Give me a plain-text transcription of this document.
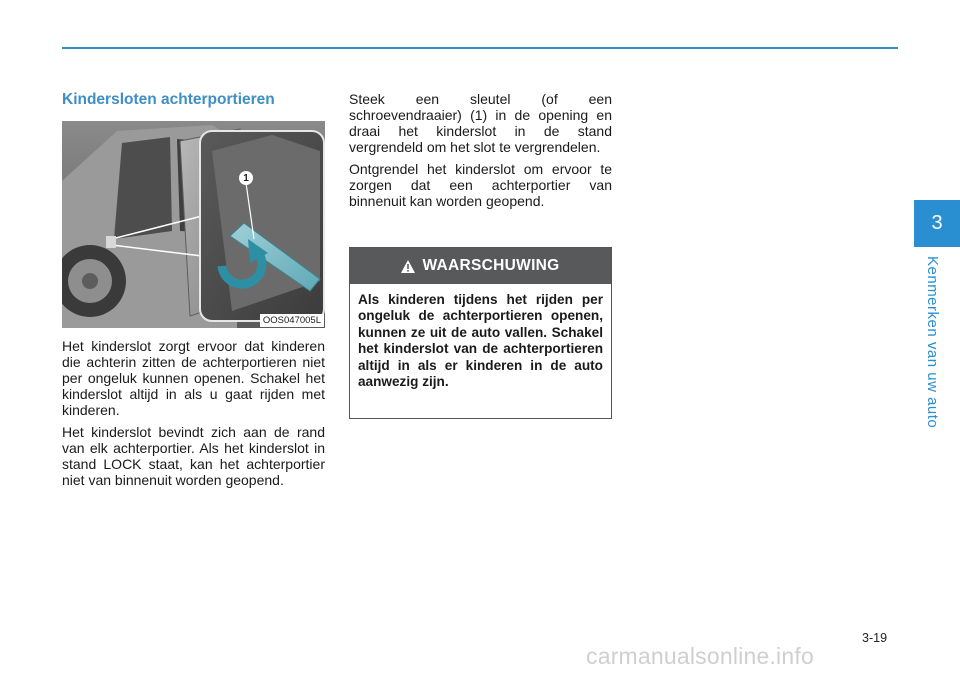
Kindersloten achterportieren
1
OOS047005L

Het kinderslot zorgt ervoor dat kinderen die achterin zitten de achterportieren niet per ongeluk kunnen openen. Schakel het kinderslot altijd in als u gaat rijden met kinderen.

Het kinderslot bevindt zich aan de rand van elk achterportier. Als het kinderslot in stand LOCK staat, kan het achterportier niet van binnenuit worden geopend.

Steek een sleutel (of een schroevendraaier) (1) in de opening en draai het kinderslot in de stand vergrendeld om het slot te vergrendelen.

Ontgrendel het kinderslot om ervoor te zorgen dat een achterportier van binnenuit kan worden geopend.

WAARSCHUWING
Als kinderen tijdens het rijden per ongeluk de achterportieren openen, kunnen ze uit de auto vallen. Schakel het kinderslot van de achterportieren altijd in als er kinderen in de auto aanwezig zijn.
3
Kenmerken van uw auto
3-19
carmanualsonline.info
